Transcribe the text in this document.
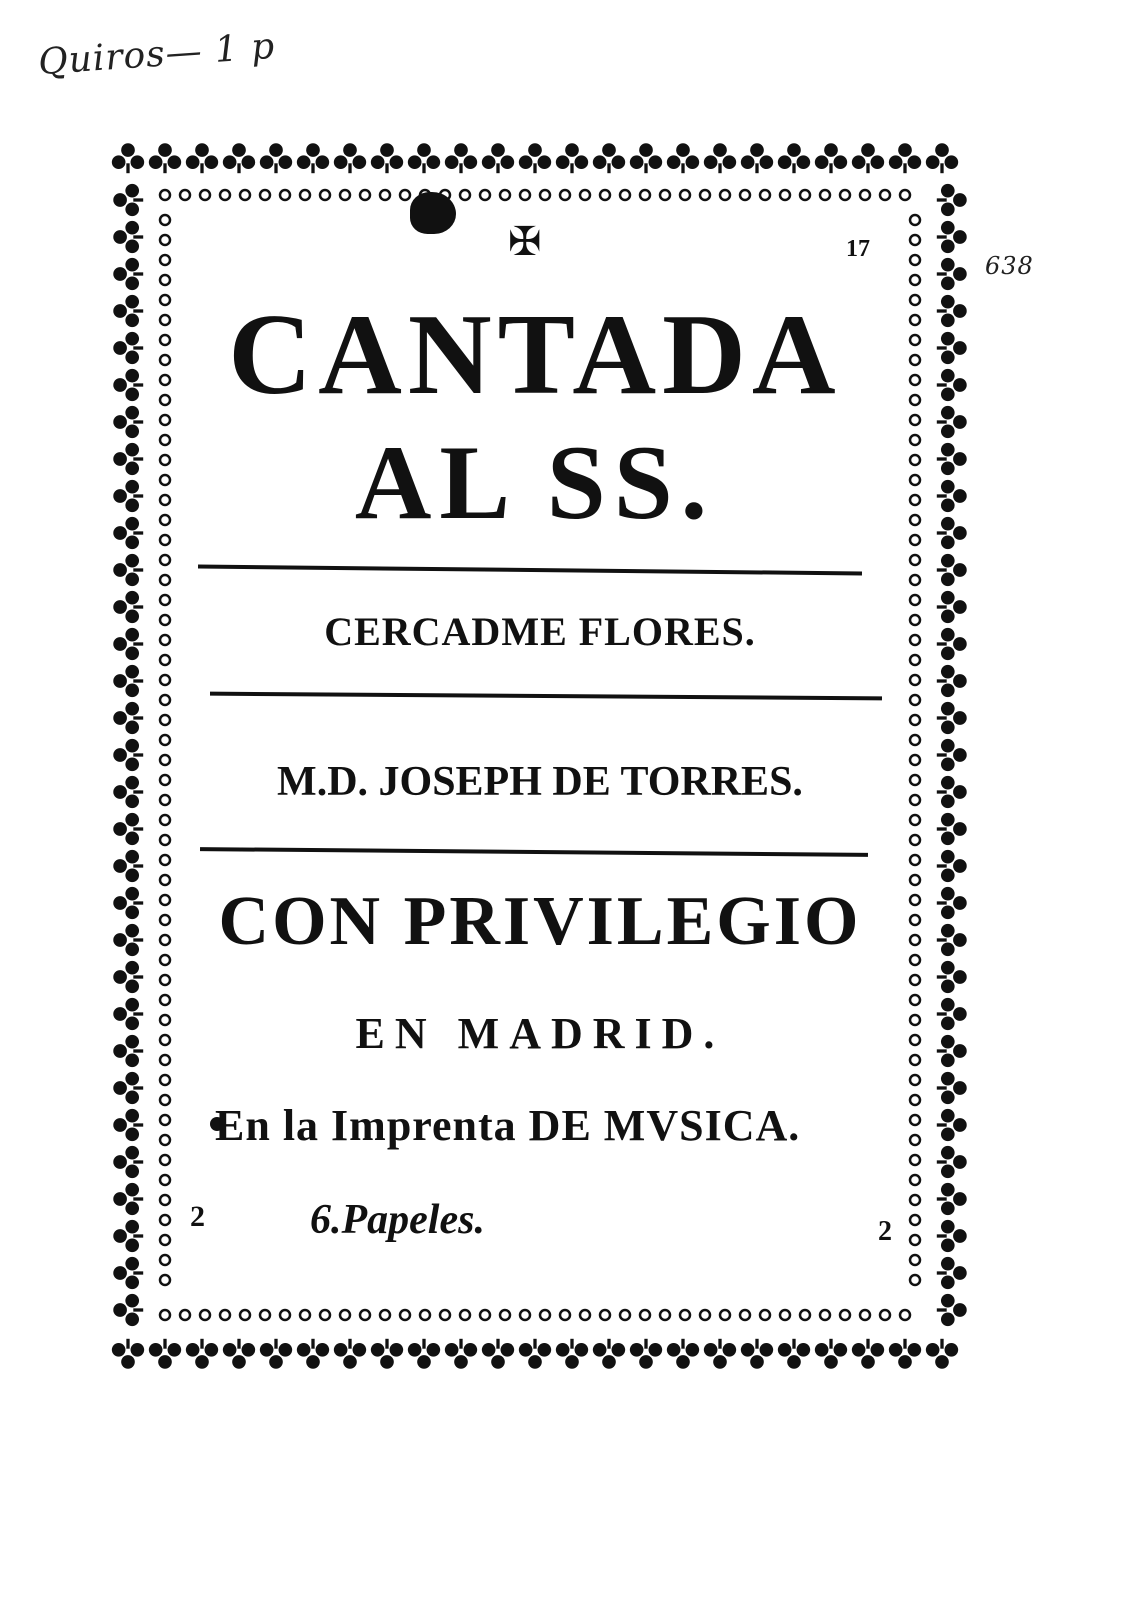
Quiros— 1 p
638
✠	17
CANTADA
AL SS.
CERCADME FLORES.
M.D. JOSEPH DE TORRES.
CON PRIVILEGIO
EN MADRID.
En la Imprenta DE MVSICA.
2	6.Papeles.	2
